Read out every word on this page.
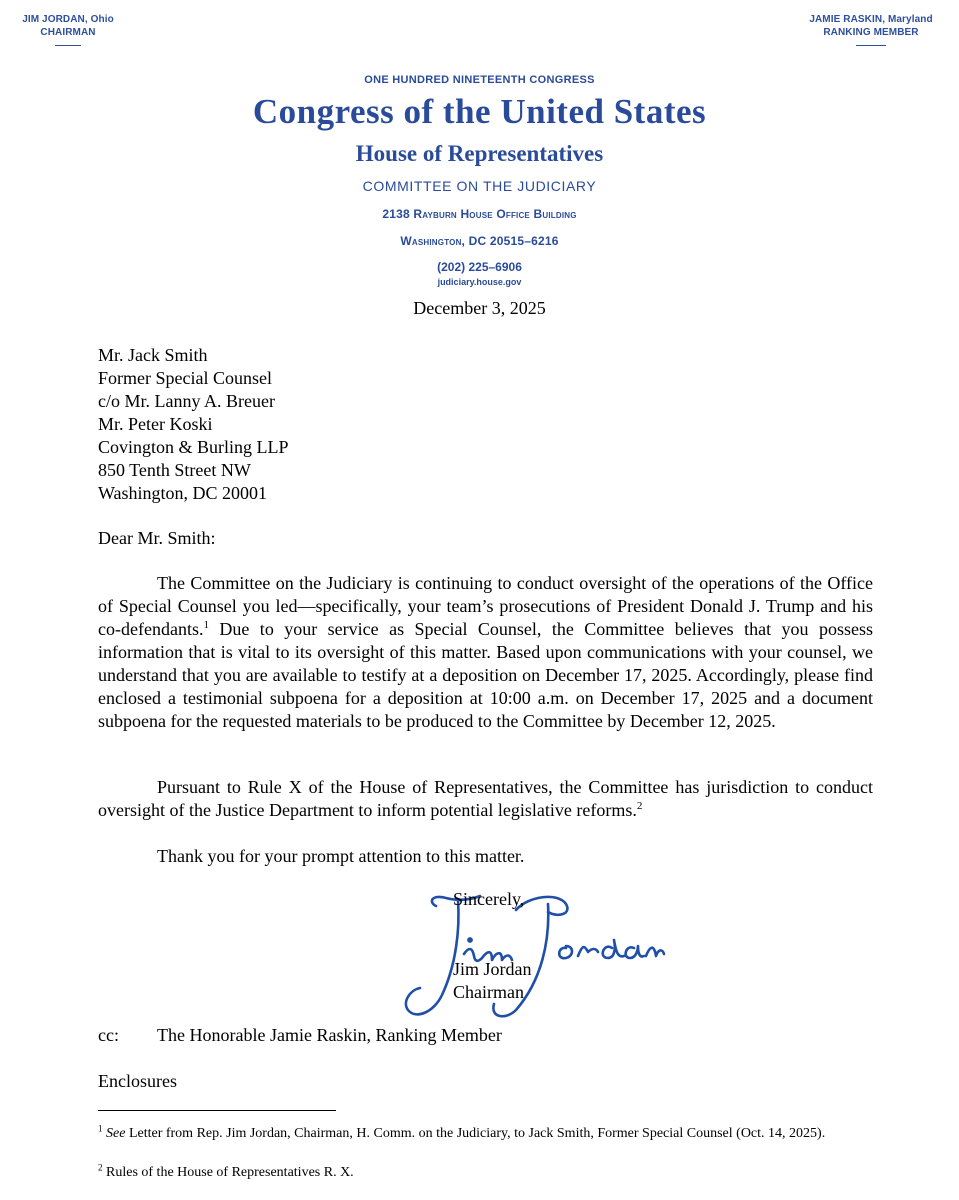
JIM JORDAN, Ohio
CHAIRMAN
JAMIE RASKIN, Maryland
RANKING MEMBER
ONE HUNDRED NINETEENTH CONGRESS
Congress of the United States
House of Representatives
COMMITTEE ON THE JUDICIARY
2138 Rayburn House Office Building
Washington, DC 20515–6216
(202) 225–6906
judiciary.house.gov
December 3, 2025
Mr. Jack Smith
Former Special Counsel
c/o Mr. Lanny A. Breuer
Mr. Peter Koski
Covington & Burling LLP
850 Tenth Street NW
Washington, DC 20001
Dear Mr. Smith:
The Committee on the Judiciary is continuing to conduct oversight of the operations of the Office of Special Counsel you led—specifically, your team’s prosecutions of President Donald J. Trump and his co-defendants.$^1$ Due to your service as Special Counsel, the Committee believes that you possess information that is vital to its oversight of this matter. Based upon communications with your counsel, we understand that you are available to testify at a deposition on December 17, 2025. Accordingly, please find enclosed a testimonial subpoena for a deposition at 10:00 a.m. on December 17, 2025 and a document subpoena for the requested materials to be produced to the Committee by December 12, 2025.
Pursuant to Rule X of the House of Representatives, the Committee has jurisdiction to conduct oversight of the Justice Department to inform potential legislative reforms.$^2$
Thank you for your prompt attention to this matter.
Sincerely,
Jim Jordan
Chairman
cc: The Honorable Jamie Raskin, Ranking Member
Enclosures
$^1$ See Letter from Rep. Jim Jordan, Chairman, H. Comm. on the Judiciary, to Jack Smith, Former Special Counsel (Oct. 14, 2025).
$^2$ Rules of the House of Representatives R. X.
